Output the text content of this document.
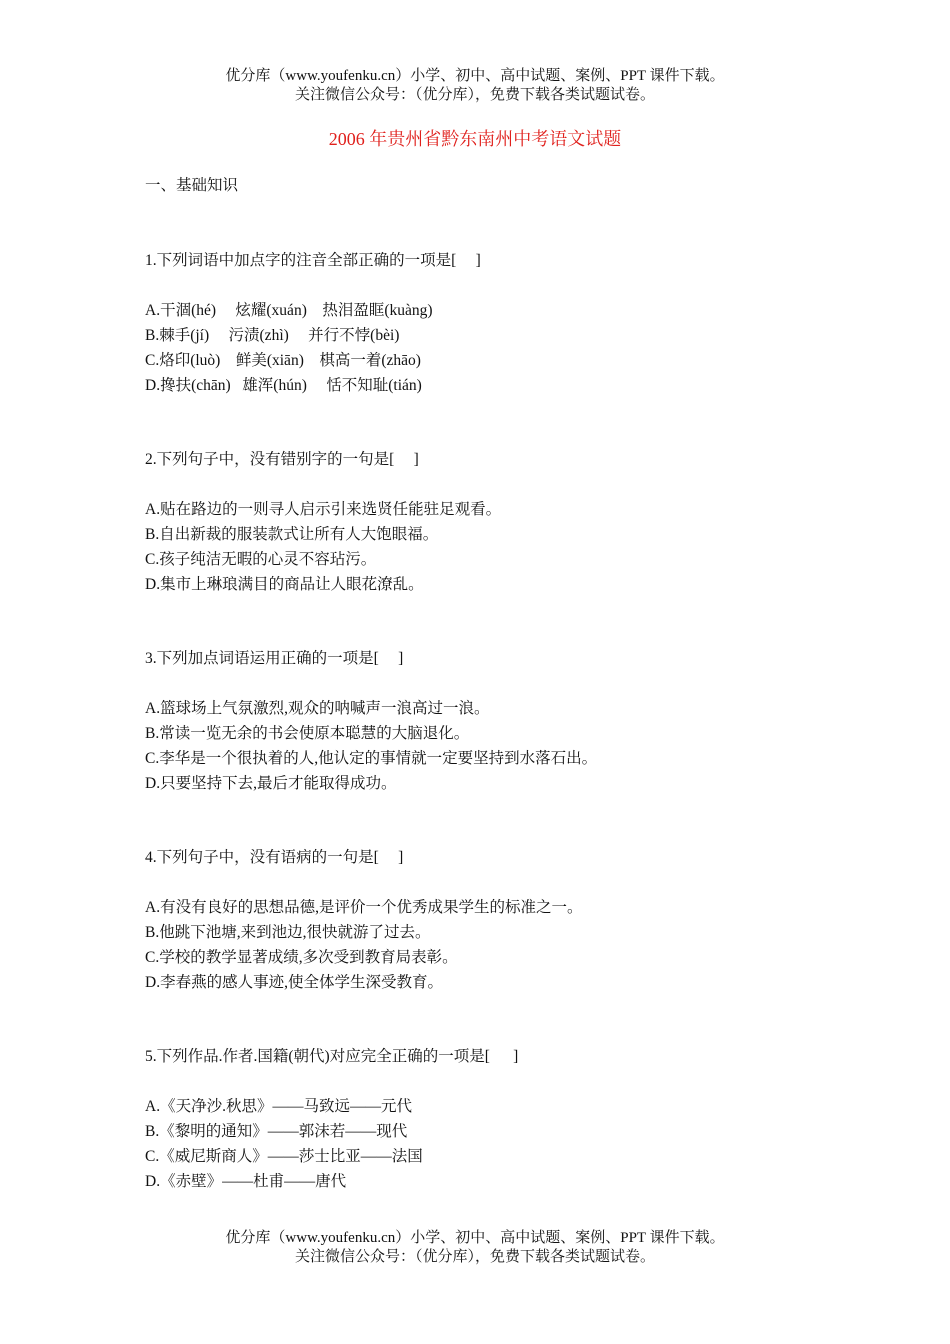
优分库（www.youfenku.cn）小学、初中、高中试题、案例、PPT 课件下载。
关注微信公众号：（优分库），免费下载各类试题试卷。
2006 年贵州省黔东南州中考语文试题
一、基础知识
1.下列词语中加点字的注音全部正确的一项是[     ]
A.干涸(hé)     炫耀(xuán)    热泪盈眶(kuàng)
B.棘手(jí)     污渍(zhì)     并行不悖(bèi)
C.烙印(luò)    鲜美(xiān)    棋高一着(zhāo)
D.搀扶(chān)   雄浑(hún)     恬不知耻(tián)
2.下列句子中，没有错别字的一句是[     ]
A.贴在路边的一则寻人启示引来选贤任能驻足观看。
B.自出新裁的服装款式让所有人大饱眼福。
C.孩子纯洁无暇的心灵不容玷污。
D.集市上琳琅满目的商品让人眼花潦乱。
3.下列加点词语运用正确的一项是[     ]
A.篮球场上气氛激烈,观众的呐喊声一浪高过一浪。
B.常读一览无余的书会使原本聪慧的大脑退化。
C.李华是一个很执着的人,他认定的事情就一定要坚持到水落石出。
D.只要坚持下去,最后才能取得成功。
4.下列句子中，没有语病的一句是[     ]
A.有没有良好的思想品德,是评价一个优秀成果学生的标准之一。
B.他跳下池塘,来到池边,很快就游了过去。
C.学校的教学显著成绩,多次受到教育局表彰。
D.李春燕的感人事迹,使全体学生深受教育。
5.下列作品.作者.国籍(朝代)对应完全正确的一项是[      ]
A.《天净沙.秋思》——马致远——元代
B.《黎明的通知》——郭沫若——现代
C.《威尼斯商人》——莎士比亚——法国
D.《赤壁》——杜甫——唐代
优分库（www.youfenku.cn）小学、初中、高中试题、案例、PPT 课件下载。
关注微信公众号：（优分库），免费下载各类试题试卷。
